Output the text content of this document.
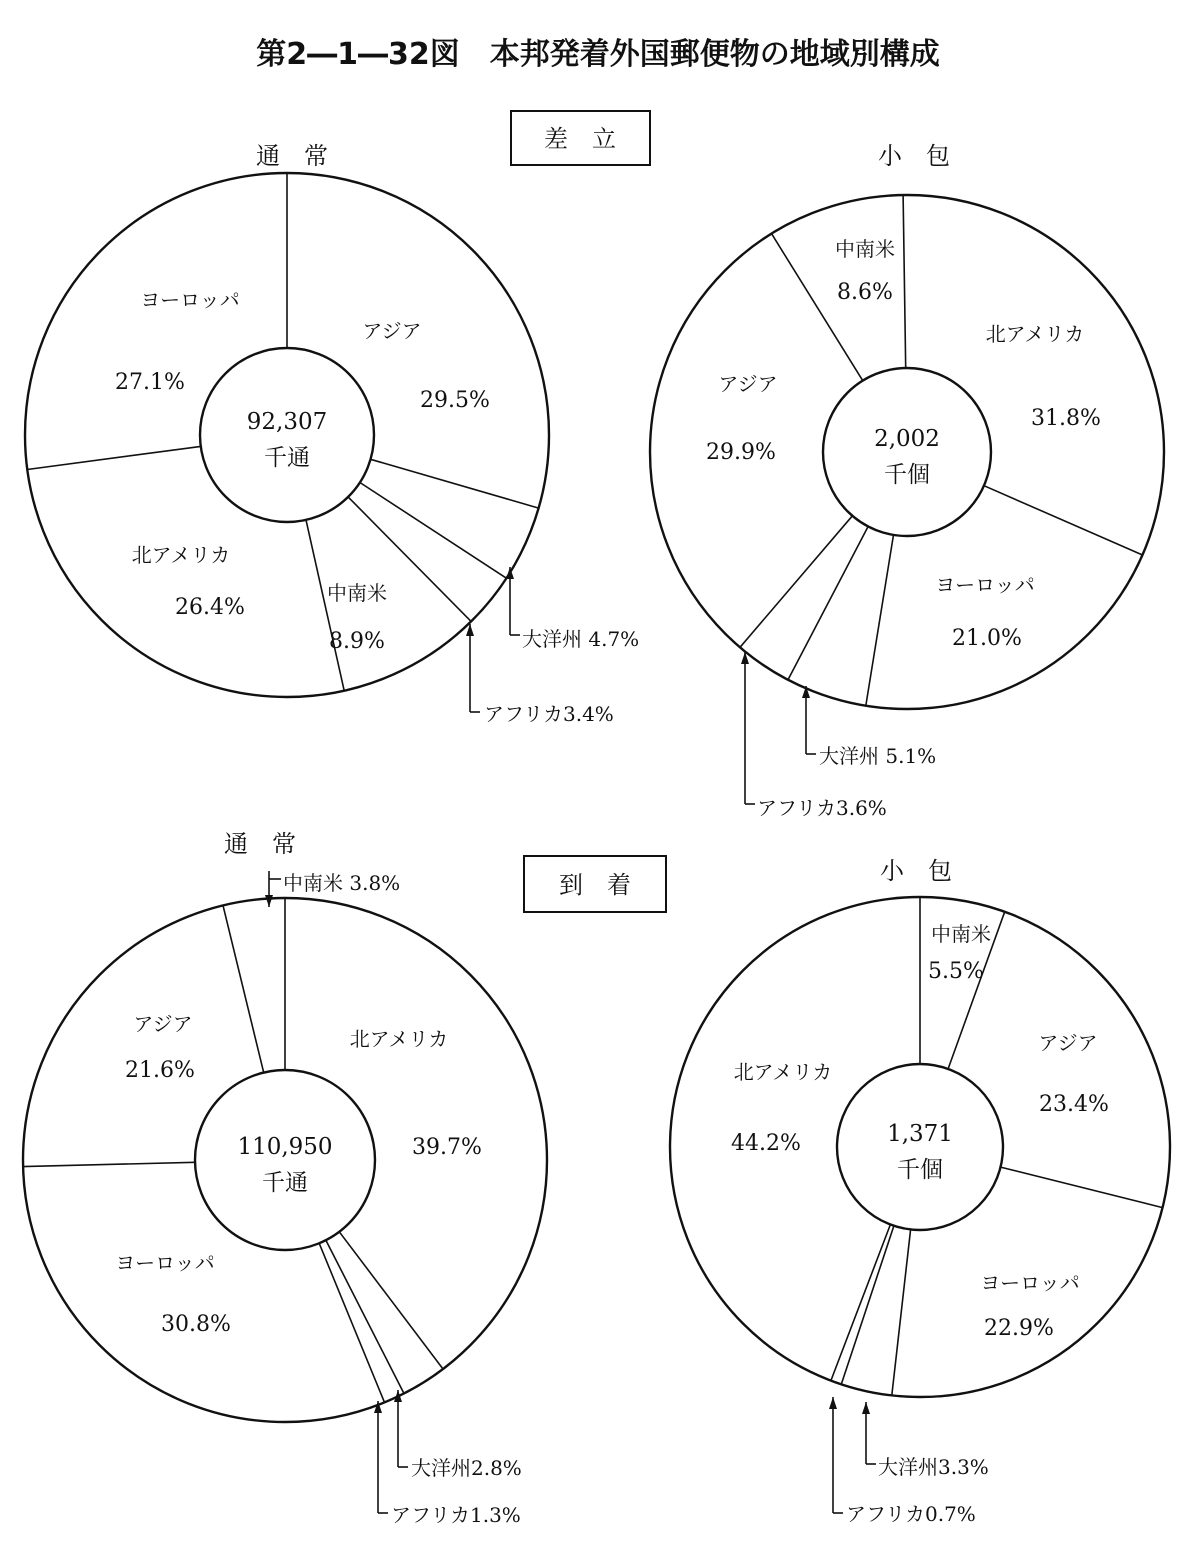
第2―1―32図　本邦発着外国郵便物の地域別構成
差　立
到　着
通　常
92,307
千通
アジア
29.5%
大洋州 4.7%
アフリカ3.4%
中南米
8.9%
北アメリカ
26.4%
ヨーロッパ
27.1%
小　包
2,002
千個
北アメリカ
31.8%
ヨーロッパ
21.0%
大洋州 5.1%
アフリカ3.6%
アジア
29.9%
中南米
8.6%
通　常
110,950
千通
北アメリカ
39.7%
大洋州2.8%
アフリカ1.3%
ヨーロッパ
30.8%
アジア
21.6%
中南米 3.8%	小　包
1,371
千個
中南米
5.5%
アジア
23.4%
ヨーロッパ
22.9%
大洋州3.3%
アフリカ0.7%
北アメリカ
44.2%
